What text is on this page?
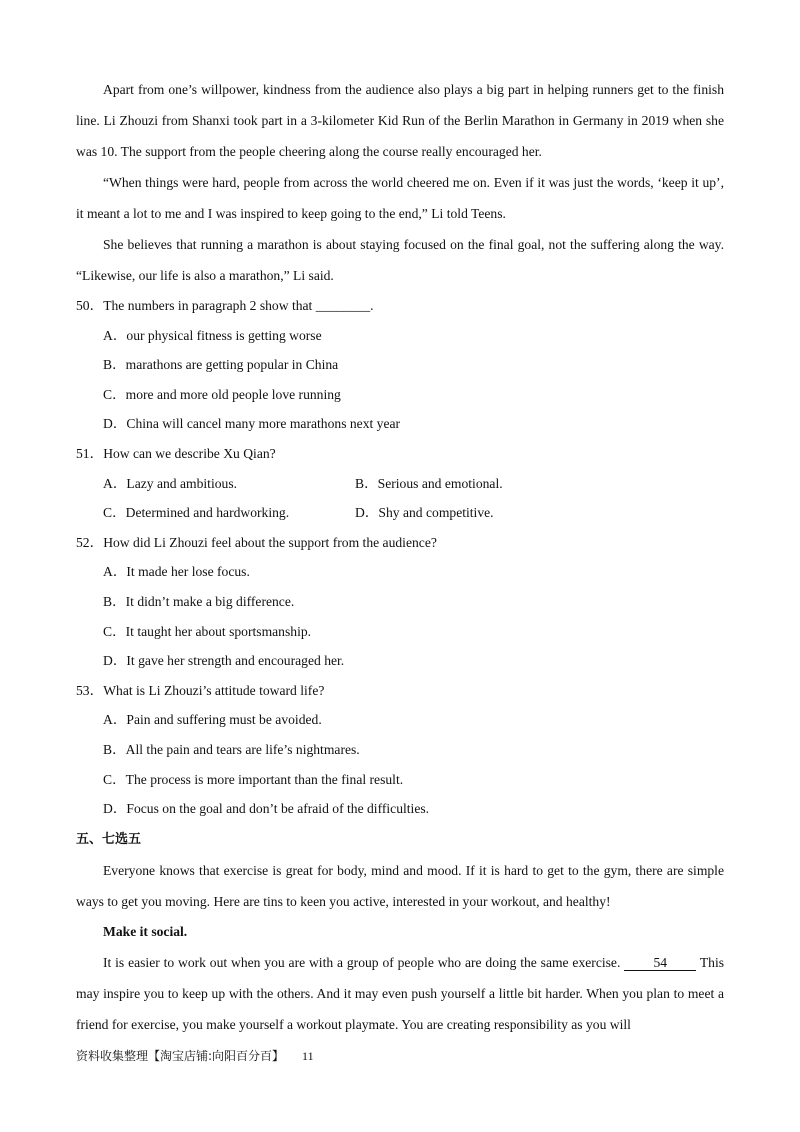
Apart from one’s willpower, kindness from the audience also plays a big part in helping runners get to the finish line. Li Zhouzi from Shanxi took part in a 3-kilometer Kid Run of the Berlin Marathon in Germany in 2019 when she was 10. The support from the people cheering along the course really encouraged her.

“When things were hard, people from across the world cheered me on. Even if it was just the words, ‘keep it up’, it meant a lot to me and I was inspired to keep going to the end,” Li told Teens.

She believes that running a marathon is about staying focused on the final goal, not the suffering along the way. “Likewise, our life is also a marathon,” Li said.

50．The numbers in paragraph 2 show that ________.

A．our physical fitness is getting worse

B．marathons are getting popular in China

C．more and more old people love running

D．China will cancel many more marathons next year

51．How can we describe Xu Qian?

A．Lazy and ambitious.	B．Serious and emotional.
C．Determined and hardworking.	D．Shy and competitive.

52．How did Li Zhouzi feel about the support from the audience?

A．It made her lose focus.

B．It didn’t make a big difference.

C．It taught her about sportsmanship.

D．It gave her strength and encouraged her.

53．What is Li Zhouzi’s attitude toward life?

A．Pain and suffering must be avoided.

B．All the pain and tears are life’s nightmares.

C．The process is more important than the final result.

D．Focus on the goal and don’t be afraid of the difficulties.

五、七选五

Everyone knows that exercise is great for body, mind and mood. If it is hard to get to the gym, there are simple ways to get you moving. Here are tins to keen you active, interested in your workout, and healthy!

Make it social.

It is easier to work out when you are with a group of people who are doing the same exercise. 54 This may inspire you to keep up with the others. And it may even push yourself a little bit harder. When you plan to meet a friend for exercise, you make yourself a workout playmate. You are creating responsibility as you will

资料收集整理【淘宝店铺:向阳百分百】 11
